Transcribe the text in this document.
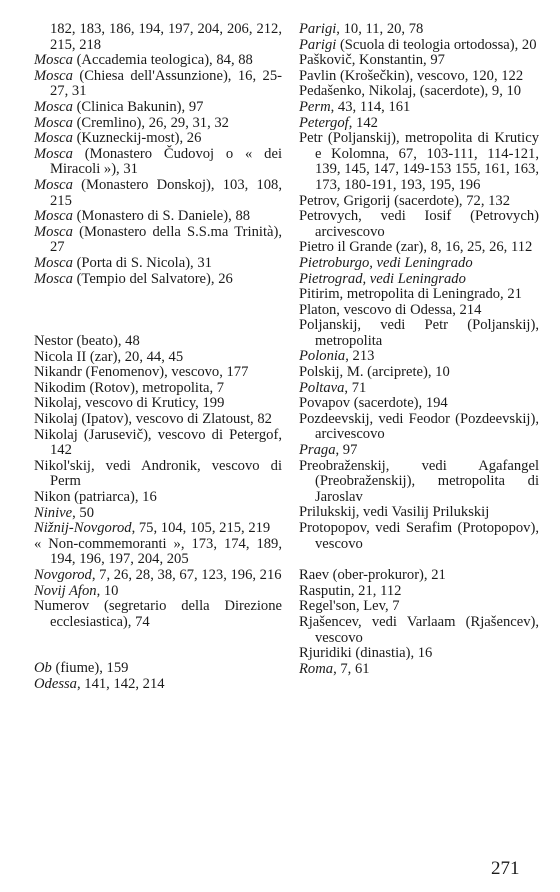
182, 183, 186, 194, 197, 204, 206, 212, 215, 218

Mosca (Accademia teologica), 84, 88

Mosca (Chiesa dell'Assunzione), 16, 25-27, 31

Mosca (Clinica Bakunin), 97

Mosca (Cremlino), 26, 29, 31, 32

Mosca (Kuzneckij-most), 26

Mosca (Monastero Čudovoj o « dei Miracoli »), 31

Mosca (Monastero Donskoj), 103, 108, 215

Mosca (Monastero di S. Daniele), 88

Mosca (Monastero della S.S.ma Trinità), 27

Mosca (Porta di S. Nicola), 31

Mosca (Tempio del Salvatore), 26

Nestor (beato), 48

Nicola II (zar), 20, 44, 45

Nikandr (Fenomenov), vescovo, 177

Nikodim (Rotov), metropolita, 7

Nikolaj, vescovo di Kruticy, 199

Nikolaj (Ipatov), vescovo di Zlatoust, 82

Nikolaj (Jarusevič), vescovo di Petergof, 142

Nikol'skij, vedi Andronik, vescovo di Perm

Nikon (patriarca), 16

Ninive, 50

Nižnij-Novgorod, 75, 104, 105, 215, 219

« Non-commemoranti », 173, 174, 189, 194, 196, 197, 204, 205

Novgorod, 7, 26, 28, 38, 67, 123, 196, 216

Novij Afon, 10

Numerov (segretario della Direzione ecclesiastica), 74

Ob (fiume), 159

Odessa, 141, 142, 214

Parigi, 10, 11, 20, 78

Parigi (Scuola di teologia ortodossa), 20

Paškovič, Konstantin, 97

Pavlin (Krošečkin), vescovo, 120, 122

Pedašenko, Nikolaj, (sacerdote), 9, 10

Perm, 43, 114, 161

Petergof, 142

Petr (Poljanskij), metropolita di Kruticy e Kolomna, 67, 103-111, 114-121, 139, 145, 147, 149-153 155, 161, 163, 173, 180-191, 193, 195, 196

Petrov, Grigorij (sacerdote), 72, 132

Petrovych, vedi Iosif (Petrovych) arcivescovo

Pietro il Grande (zar), 8, 16, 25, 26, 112

Pietroburgo, vedi Leningrado

Pietrograd, vedi Leningrado

Pitirim, metropolita di Leningrado, 21

Platon, vescovo di Odessa, 214

Poljanskij, vedi Petr (Poljanskij), metropolita

Polonia, 213

Polskij, M. (arciprete), 10

Poltava, 71

Povapov (sacerdote), 194

Pozdeevskij, vedi Feodor (Pozdeevskij), arcivescovo

Praga, 97

Preobraženskij, vedi Agafangel (Preobraženskij), metropolita di Jaroslav

Prilukskij, vedi Vasilij Prilukskij

Protopopov, vedi Serafim (Protopopov), vescovo

Raev (ober-prokuror), 21

Rasputin, 21, 112

Regel'son, Lev, 7

Rjašencev, vedi Varlaam (Rjašencev), vescovo

Rjuridiki (dinastia), 16

Roma, 7, 61

271
